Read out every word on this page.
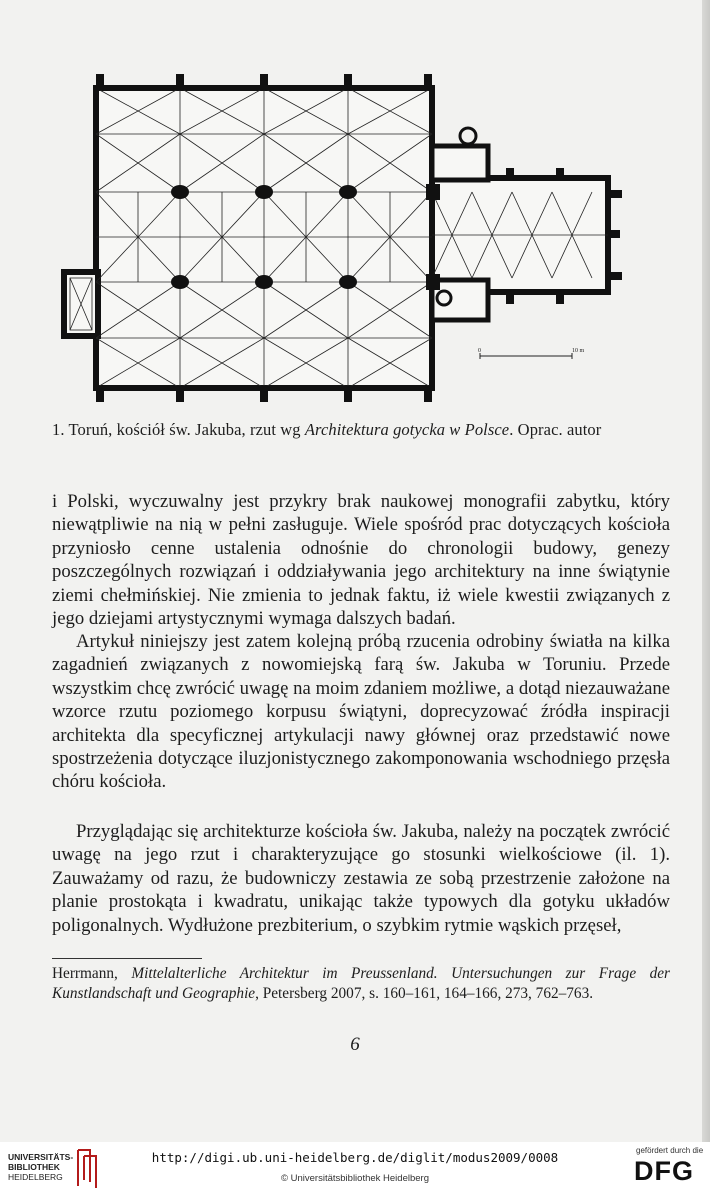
0	10 m
1. Toruń, kościół św. Jakuba, rzut wg Architektura gotycka w Polsce. Oprac. autor

i Polski, wyczuwalny jest przykry brak naukowej monografii zabytku, który niewątpliwie na nią w pełni zasługuje. Wiele spośród prac dotyczących kościoła przyniosło cenne ustalenia odnośnie do chronologii budowy, genezy poszczególnych rozwiązań i oddziaływania jego architektury na inne świątynie ziemi chełmińskiej. Nie zmienia to jednak faktu, iż wiele kwestii związanych z jego dziejami artystycznymi wymaga dalszych badań.

Artykuł niniejszy jest zatem kolejną próbą rzucenia odrobiny światła na kilka zagadnień związanych z nowomiejską farą św. Jakuba w Toruniu. Przede wszystkim chcę zwrócić uwagę na moim zdaniem możliwe, a dotąd niezauważane wzorce rzutu poziomego korpusu świątyni, doprecyzować źródła inspiracji architekta dla specyficznej artykulacji nawy głównej oraz przedstawić nowe spostrzeżenia dotyczące iluzjonistycznego zakomponowania wschodniego przęsła chóru kościoła.

Przyglądając się architekturze kościoła św. Jakuba, należy na początek zwrócić uwagę na jego rzut i charakteryzujące go stosunki wielkościowe (il. 1). Zauważamy od razu, że budowniczy zestawia ze sobą przestrzenie założone na planie prostokąta i kwadratu, unikając także typowych dla gotyku układów poligonalnych. Wydłużone prezbiterium, o szybkim rytmie wąskich przęseł,

Herrmann, Mittelalterliche Architektur im Preussenland. Untersuchungen zur Frage der Kunstlandschaft und Geographie, Petersberg 2007, s. 160–161, 164–166, 273, 762–763.
6
UNIVERSITÄTS-
BIBLIOTHEK
HEIDELBERG
http://digi.ub.uni-heidelberg.de/diglit/modus2009/0008
© Universitätsbibliothek Heidelberg
gefördert durch die
DFG
